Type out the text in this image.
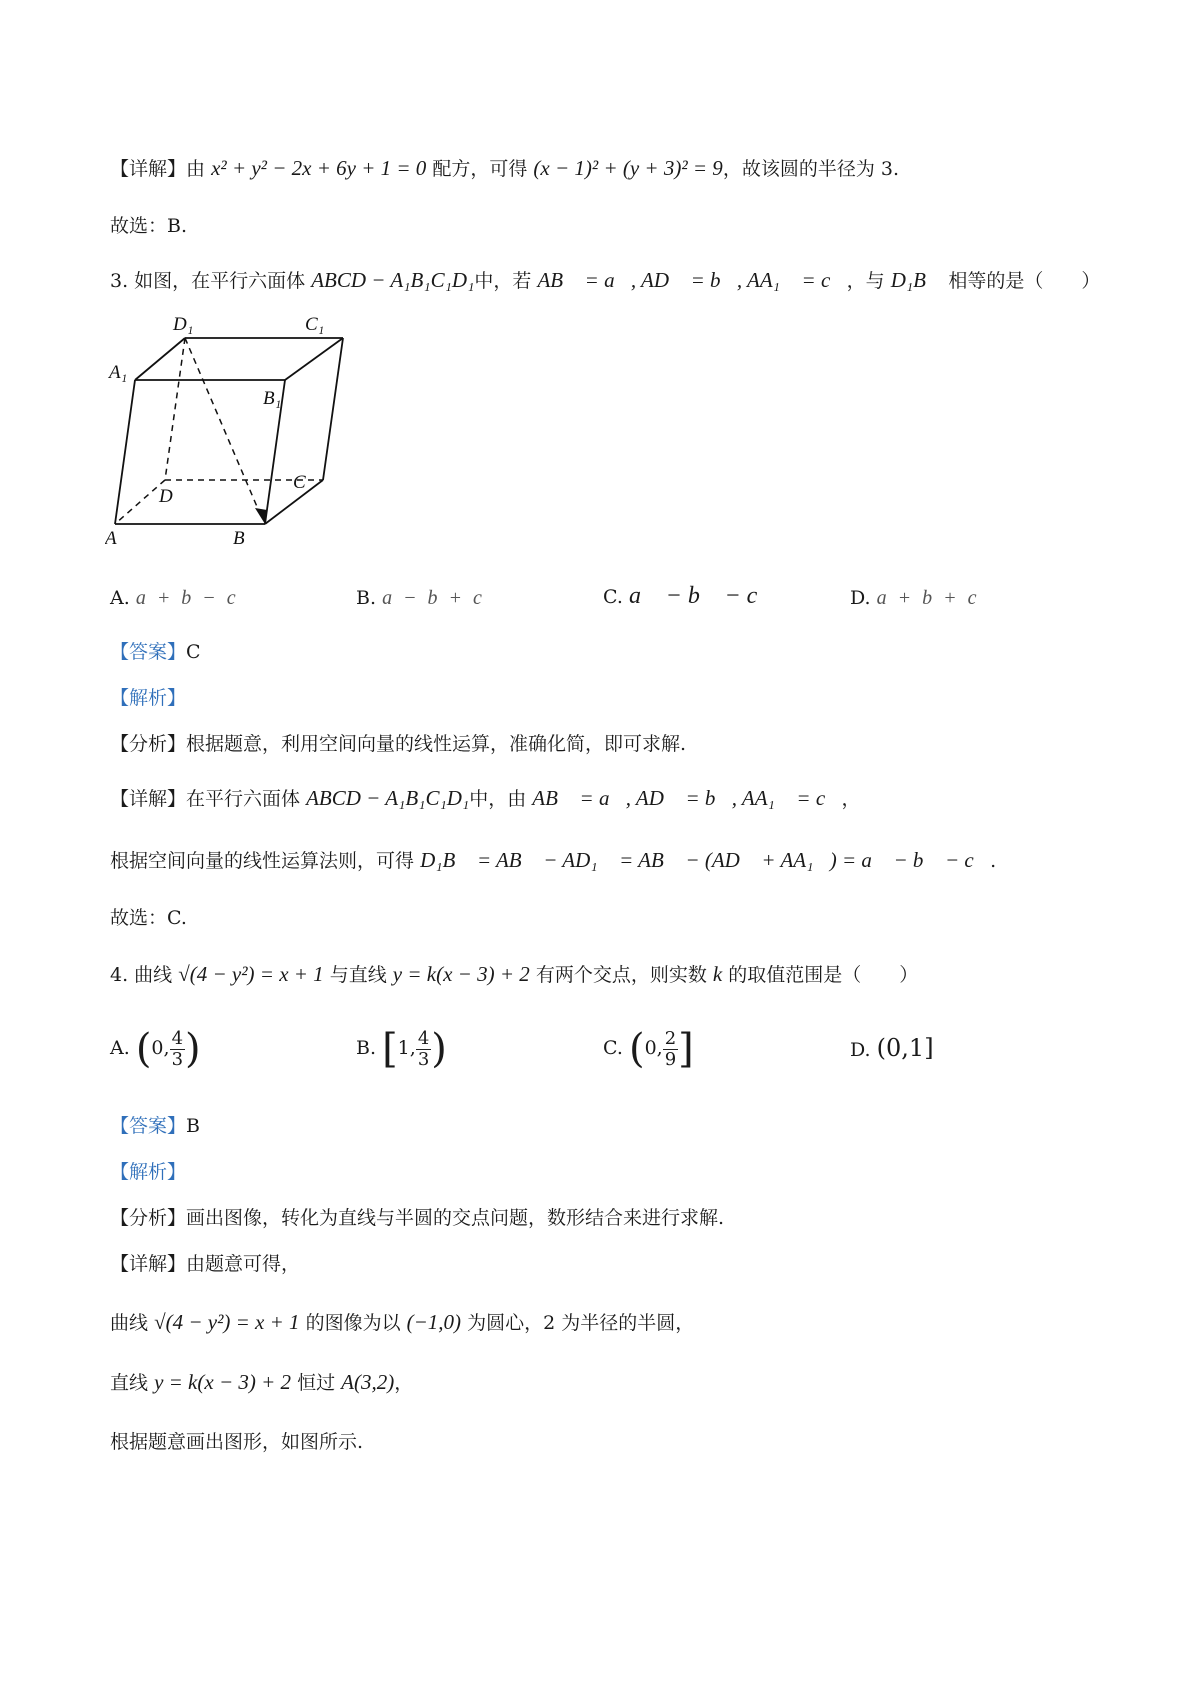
【详解】由 x² + y² − 2x + 6y + 1 = 0 配方，可得 (x − 1)² + (y + 3)² = 9，故该圆的半径为 3.
故选：B.
3. 如图，在平行六面体 ABCD − A₁B₁C₁D₁中，若 AB⃗ = a⃗, AD⃗ = b⃗, AA₁⃗ = c⃗，与 D₁B⃗ 相等的是（　　）
D₁	C₁
A₁
B₁
C
D
A	B
A. a + b − c	B. a − b + c	C. a⃗ − b⃗ − c⃗	D. a + b + c
【答案】C
【解析】
【分析】根据题意，利用空间向量的线性运算，准确化简，即可求解.
【详解】在平行六面体 ABCD − A₁B₁C₁D₁中，由 AB⃗ = a⃗, AD⃗ = b⃗, AA₁⃗ = c⃗，
根据空间向量的线性运算法则，可得 D₁B⃗ = AB⃗ − AD₁⃗ = AB⃗ − (AD⃗ + AA₁⃗) = a⃗ − b⃗ − c⃗.
故选：C.
4. 曲线 √(4 − y²) = x + 1 与直线 y = k(x − 3) + 2 有两个交点，则实数 k 的取值范围是（　　）
A. (0, $\frac{4}{3}$ )	B. [1, $\frac{4}{3}$ )	C. (0, $\frac{2}{9}$ ]	D. (0,1]
【答案】B
【解析】
【分析】画出图像，转化为直线与半圆的交点问题，数形结合来进行求解.
【详解】由题意可得，
曲线 √(4 − y²) = x + 1 的图像为以 (−1,0) 为圆心，2 为半径的半圆，
直线 y = k(x − 3) + 2 恒过 A(3,2)，
根据题意画出图形，如图所示.
